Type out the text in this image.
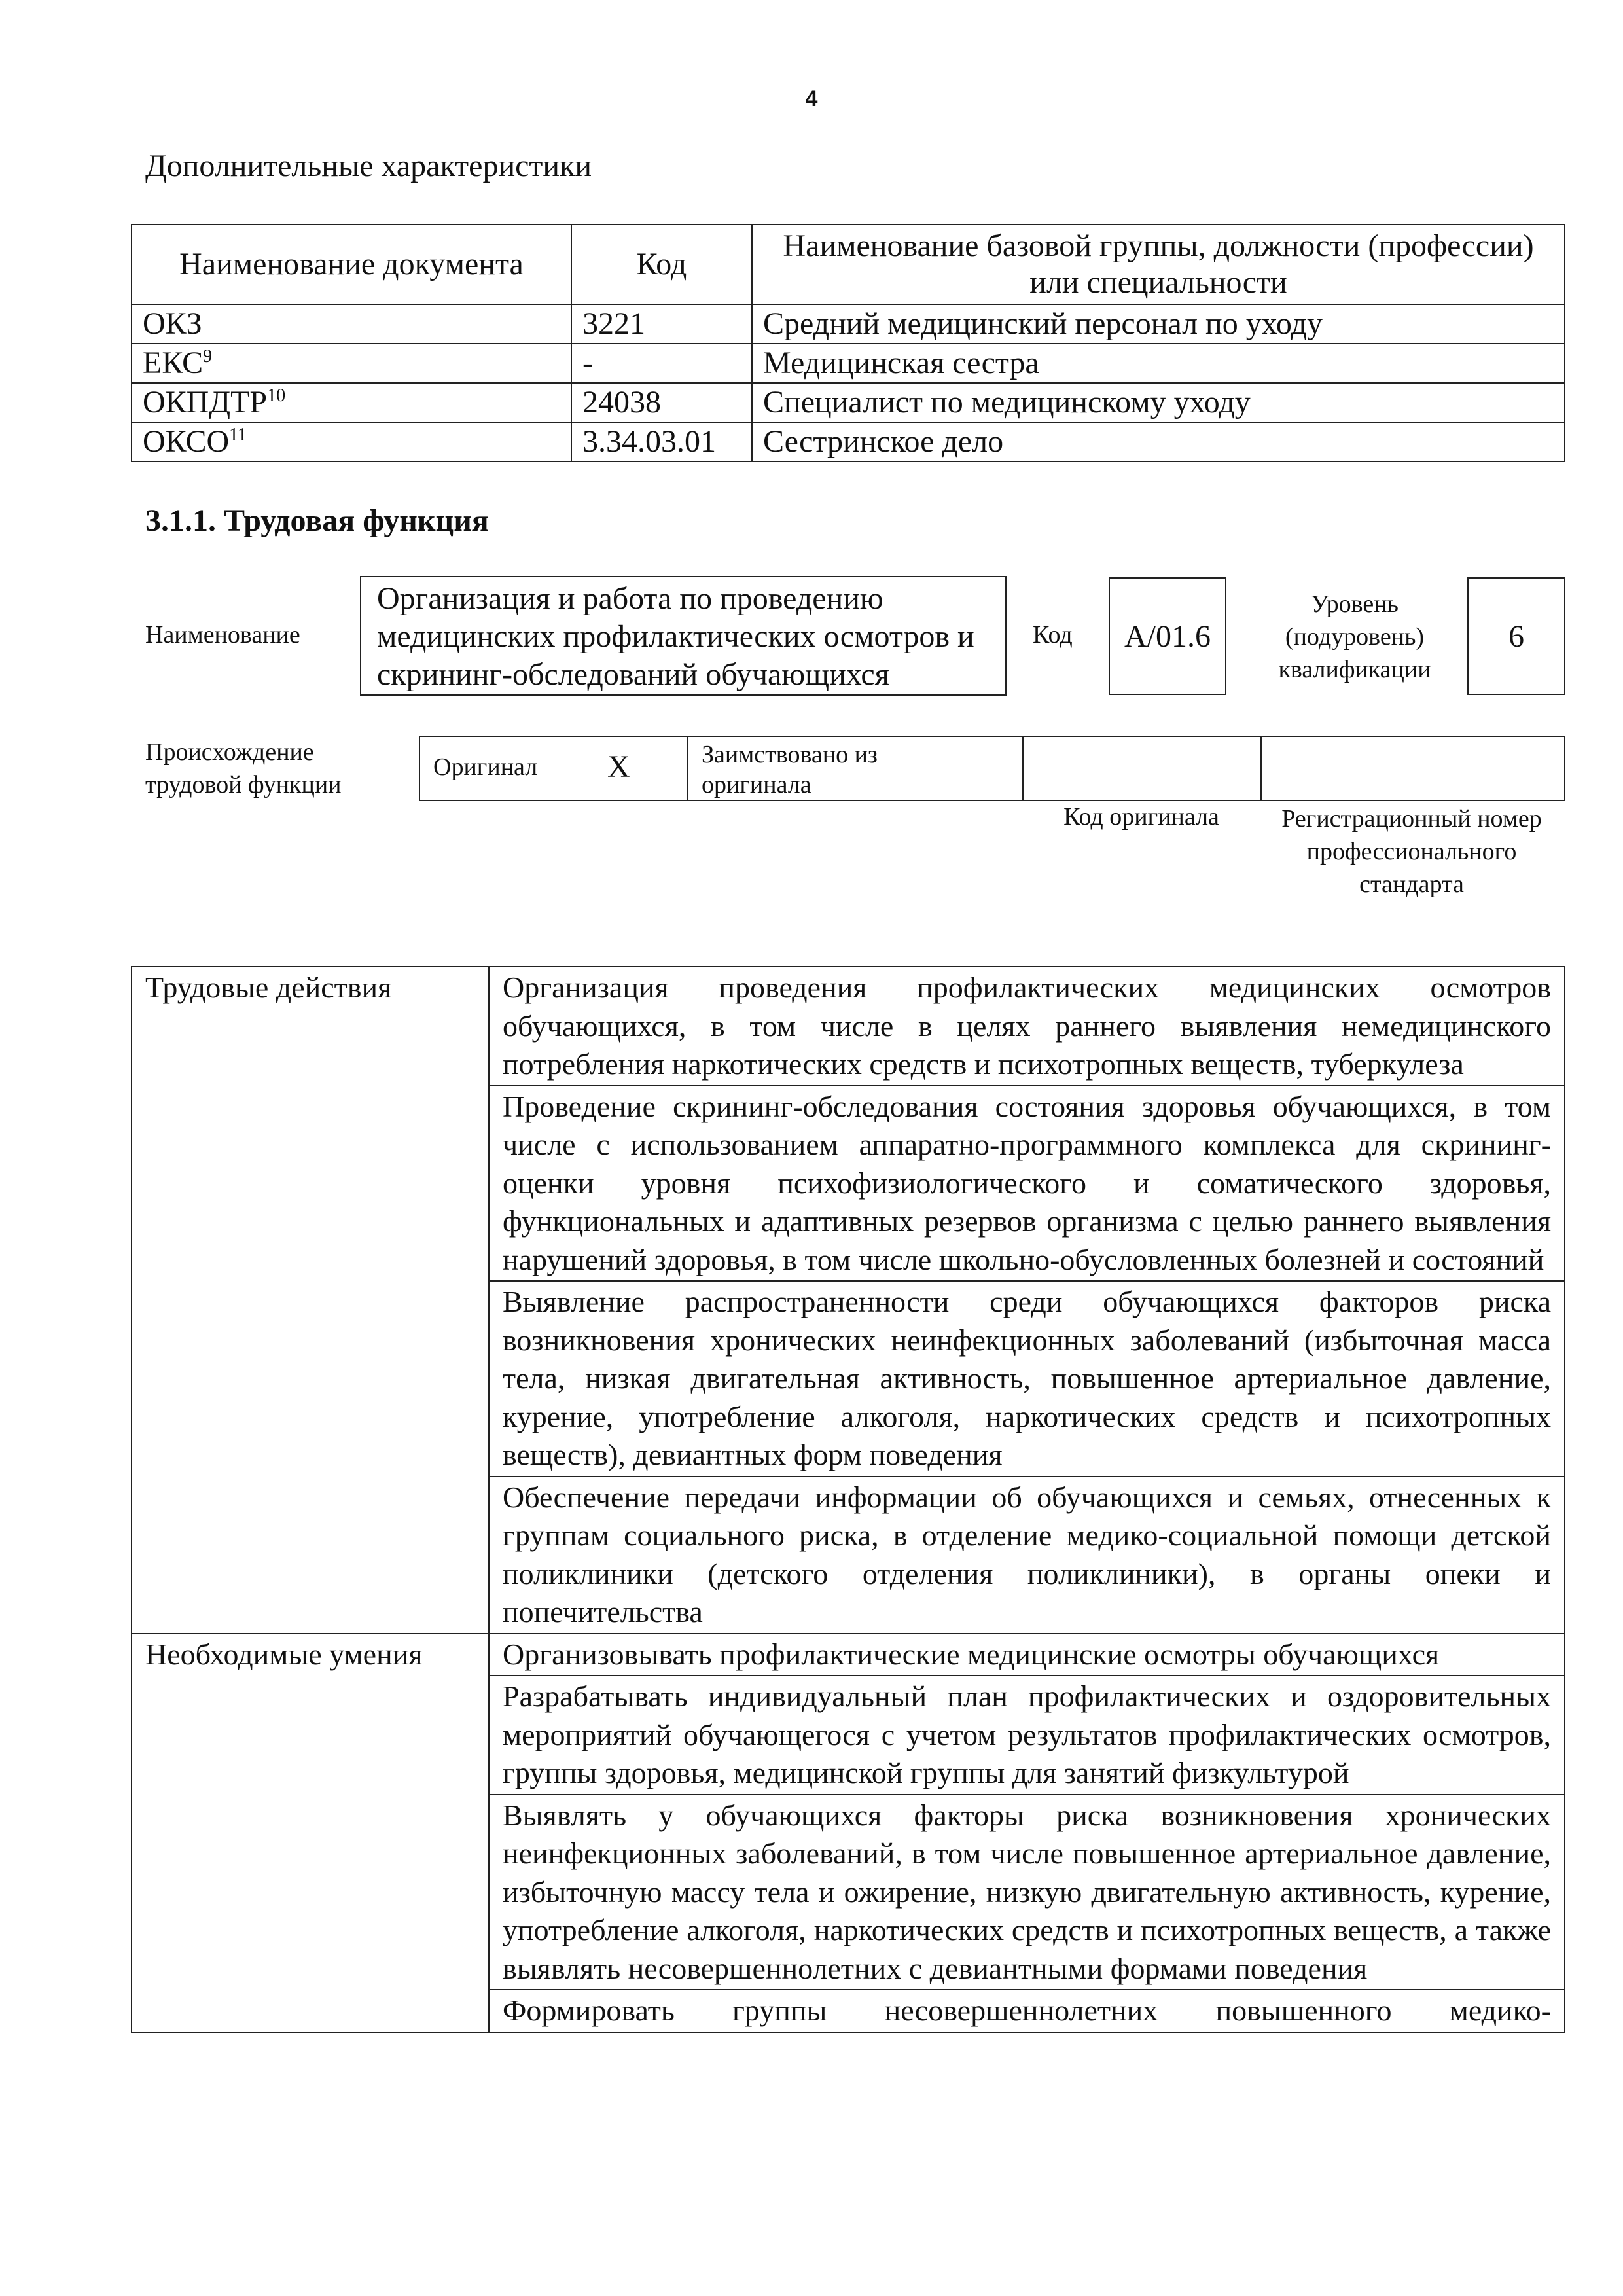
4
Дополнительные характеристики
Наименование документа	Код	Наименование базовой группы, должности (профессии) или специальности
ОКЗ	3221	Средний медицинский персонал по уходу
ЕКС$^9$	-	Медицинская сестра
ОКПДТР$^{10}$	24038	Специалист по медицинскому уходу
ОКСО$^{11}$	3.34.03.01	Сестринское дело
3.1.1. Трудовая функция
Наименование
Организация и работа по проведению медицинских профилактических осмотров и скрининг-обследований обучающихся
Код	A/01.6
Уровень (подуровень) квалификации
6
Происхождение трудовой функции
Оригинал X	Заимствовано из оригинала
Код оригинала	Регистрационный номер профессионального стандарта
Трудовые действия	Организация проведения профилактических медицинских осмотров обучающихся, в том числе в целях раннего выявления немедицинского потребления наркотических средств и психотропных веществ, туберкулеза
	Проведение скрининг-обследования состояния здоровья обучающихся, в том числе с использованием аппаратно-программного комплекса для скрининг-оценки уровня психофизиологического и соматического здоровья, функциональных и адаптивных резервов организма с целью раннего выявления нарушений здоровья, в том числе школьно-обусловленных болезней и состояний
	Выявление распространенности среди обучающихся факторов риска возникновения хронических неинфекционных заболеваний (избыточная масса тела, низкая двигательная активность, повышенное артериальное давление, курение, употребление алкоголя, наркотических средств и психотропных веществ), девиантных форм поведения
	Обеспечение передачи информации об обучающихся и семьях, отнесенных к группам социального риска, в отделение медико-социальной помощи детской поликлиники (детского отделения поликлиники), в органы опеки и попечительства
Необходимые умения	Организовывать профилактические медицинские осмотры обучающихся
	Разрабатывать индивидуальный план профилактических и оздоровительных мероприятий обучающегося с учетом результатов профилактических осмотров, группы здоровья, медицинской группы для занятий физкультурой
	Выявлять у обучающихся факторы риска возникновения хронических неинфекционных заболеваний, в том числе повышенное артериальное давление, избыточную массу тела и ожирение, низкую двигательную активность, курение, употребление алкоголя, наркотических средств и психотропных веществ, а также выявлять несовершеннолетних с девиантными формами поведения
	Формировать группы несовершеннолетних повышенного медико-
